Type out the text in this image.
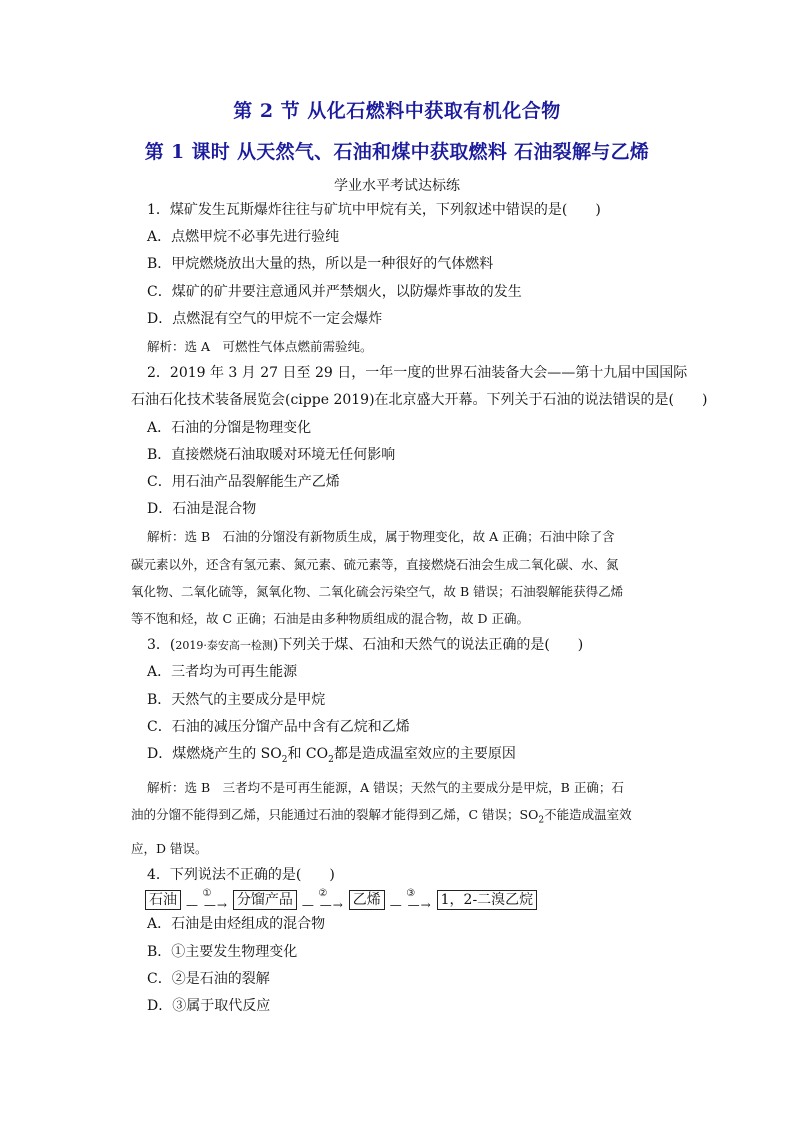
第 2 节 从化石燃料中获取有机化合物
第 1 课时 从天然气、石油和煤中获取燃料 石油裂解与乙烯
学业水平考试达标练
1．煤矿发生瓦斯爆炸往往与矿坑中甲烷有关，下列叙述中错误的是(　　)
A．点燃甲烷不必事先进行验纯
B．甲烷燃烧放出大量的热，所以是一种很好的气体燃料
C．煤矿的矿井要注意通风并严禁烟火，以防爆炸事故的发生
D．点燃混有空气的甲烷不一定会爆炸
解析：选 A　可燃性气体点燃前需验纯。
2．2019 年 3 月 27 日至 29 日，一年一度的世界石油装备大会——第十九届中国国际
石油石化技术装备展览会(cippe 2019)在北京盛大开幕。下列关于石油的说法错误的是(　　)
A．石油的分馏是物理变化
B．直接燃烧石油取暖对环境无任何影响
C．用石油产品裂解能生产乙烯
D．石油是混合物
解析：选 B　石油的分馏没有新物质生成，属于物理变化，故 A 正确；石油中除了含
碳元素以外，还含有氢元素、氮元素、硫元素等，直接燃烧石油会生成二氧化碳、水、氮
氧化物、二氧化硫等，氮氧化物、二氧化硫会污染空气，故 B 错误；石油裂解能获得乙烯
等不饱和烃，故 C 正确；石油是由多种物质组成的混合物，故 D 正确。
3．(2019·泰安高一检测)下列关于煤、石油和天然气的说法正确的是(　　)
A．三者均为可再生能源
B．天然气的主要成分是甲烷
C．石油的减压分馏产品中含有乙烷和乙烯
D．煤燃烧产生的 $SO_2$和 $CO_2$都是造成温室效应的主要原因
解析：选 B　三者均不是可再生能源，A 错误；天然气的主要成分是甲烷，B 正确；石
油的分馏不能得到乙烯，只能通过石油的裂解才能得到乙烯，C 错误；$SO_2$不能造成温室效
应，D 错误。
4．下列说法不正确的是(　　)
石油	①
— —→ 分馏产品	②
— —→ 乙烯	③
— —→ 1，2-二溴乙烷
A．石油是由烃组成的混合物
B．①主要发生物理变化
C．②是石油的裂解
D．③属于取代反应
